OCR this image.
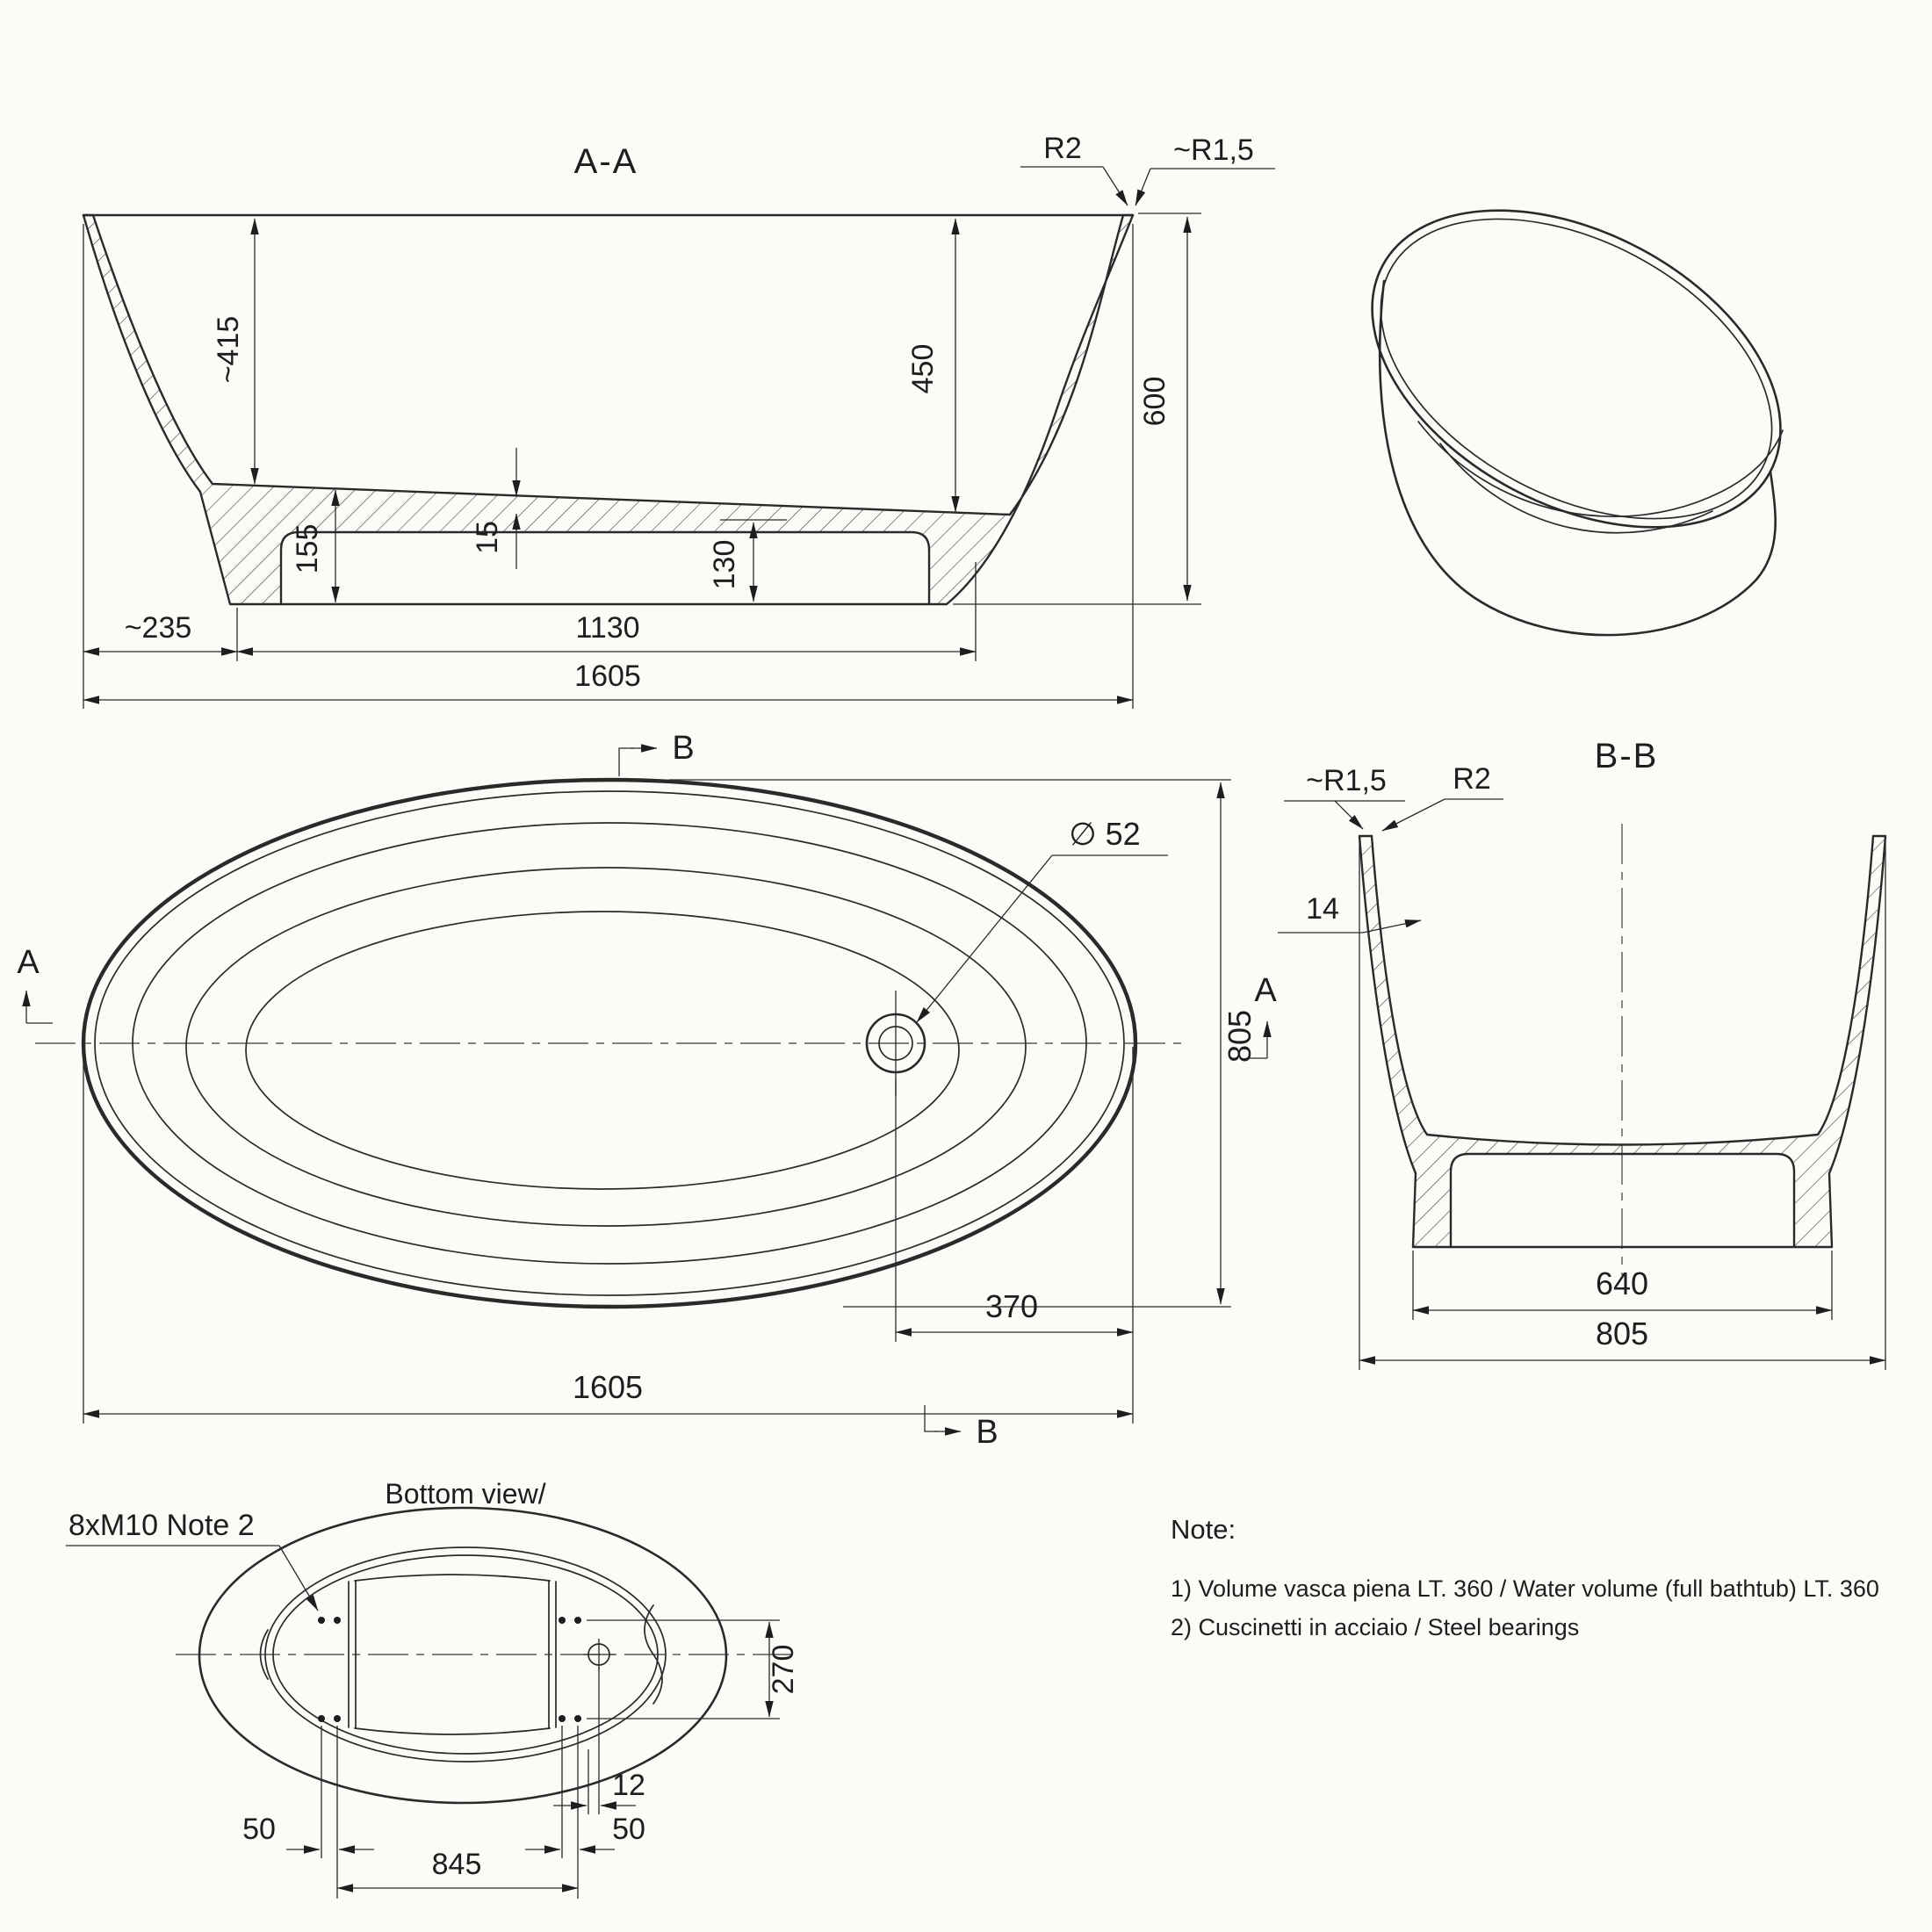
A-A	R2	~R1,5
~415	450
600
155	15
130
~235	1130
1605
∅ 52
B
B
A
A
805
370
1605
B-B
~R1,5 R2
14
640
805
Bottom view/
8xM10 Note 2
270
12
50
50
845
Note:
1) Volume vasca piena LT. 360 / Water volume (full bathtub) LT. 360
2) Cuscinetti in acciaio / Steel bearings
